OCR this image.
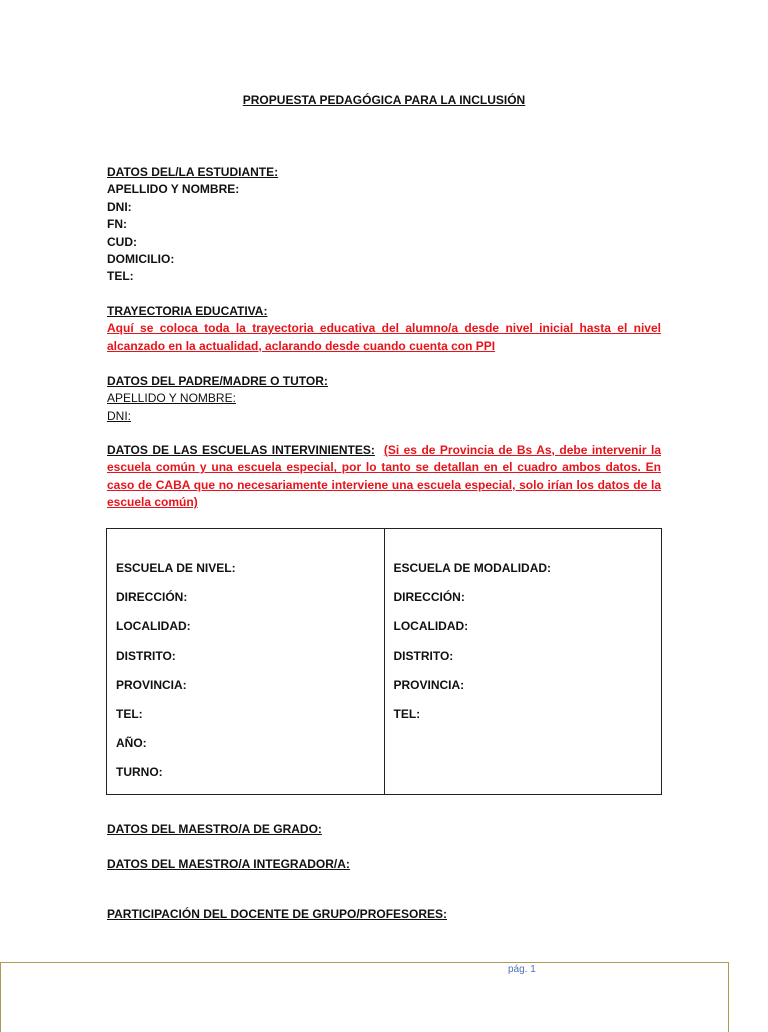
PROPUESTA PEDAGÓGICA PARA LA INCLUSIÓN
DATOS DEL/LA ESTUDIANTE:
APELLIDO Y NOMBRE:
DNI:
FN:
CUD:
DOMICILIO:
TEL:
TRAYECTORIA EDUCATIVA:
Aquí se coloca toda la trayectoria educativa del alumno/a desde nivel inicial hasta el nivel
alcanzado en la actualidad, aclarando desde cuando cuenta con PPI
DATOS DEL PADRE/MADRE O TUTOR:
APELLIDO Y NOMBRE:
DNI:
DATOS DE LAS ESCUELAS INTERVINIENTES: (Si es de Provincia de Bs As, debe intervenir la
escuela común y una escuela especial, por lo tanto se detallan en el cuadro ambos datos. En
caso de CABA que no necesariamente interviene una escuela especial, solo irían los datos de la
escuela común)
ESCUELA DE NIVEL:
DIRECCIÓN:
LOCALIDAD:
DISTRITO:
PROVINCIA:
TEL:
AÑO:
TURNO:

ESCUELA DE MODALIDAD:
DIRECCIÓN:
LOCALIDAD:
DISTRITO:
PROVINCIA:
TEL:
DATOS DEL MAESTRO/A DE GRADO:
DATOS DEL MAESTRO/A INTEGRADOR/A:
PARTICIPACIÓN DEL DOCENTE DE GRUPO/PROFESORES:
pág. 1
